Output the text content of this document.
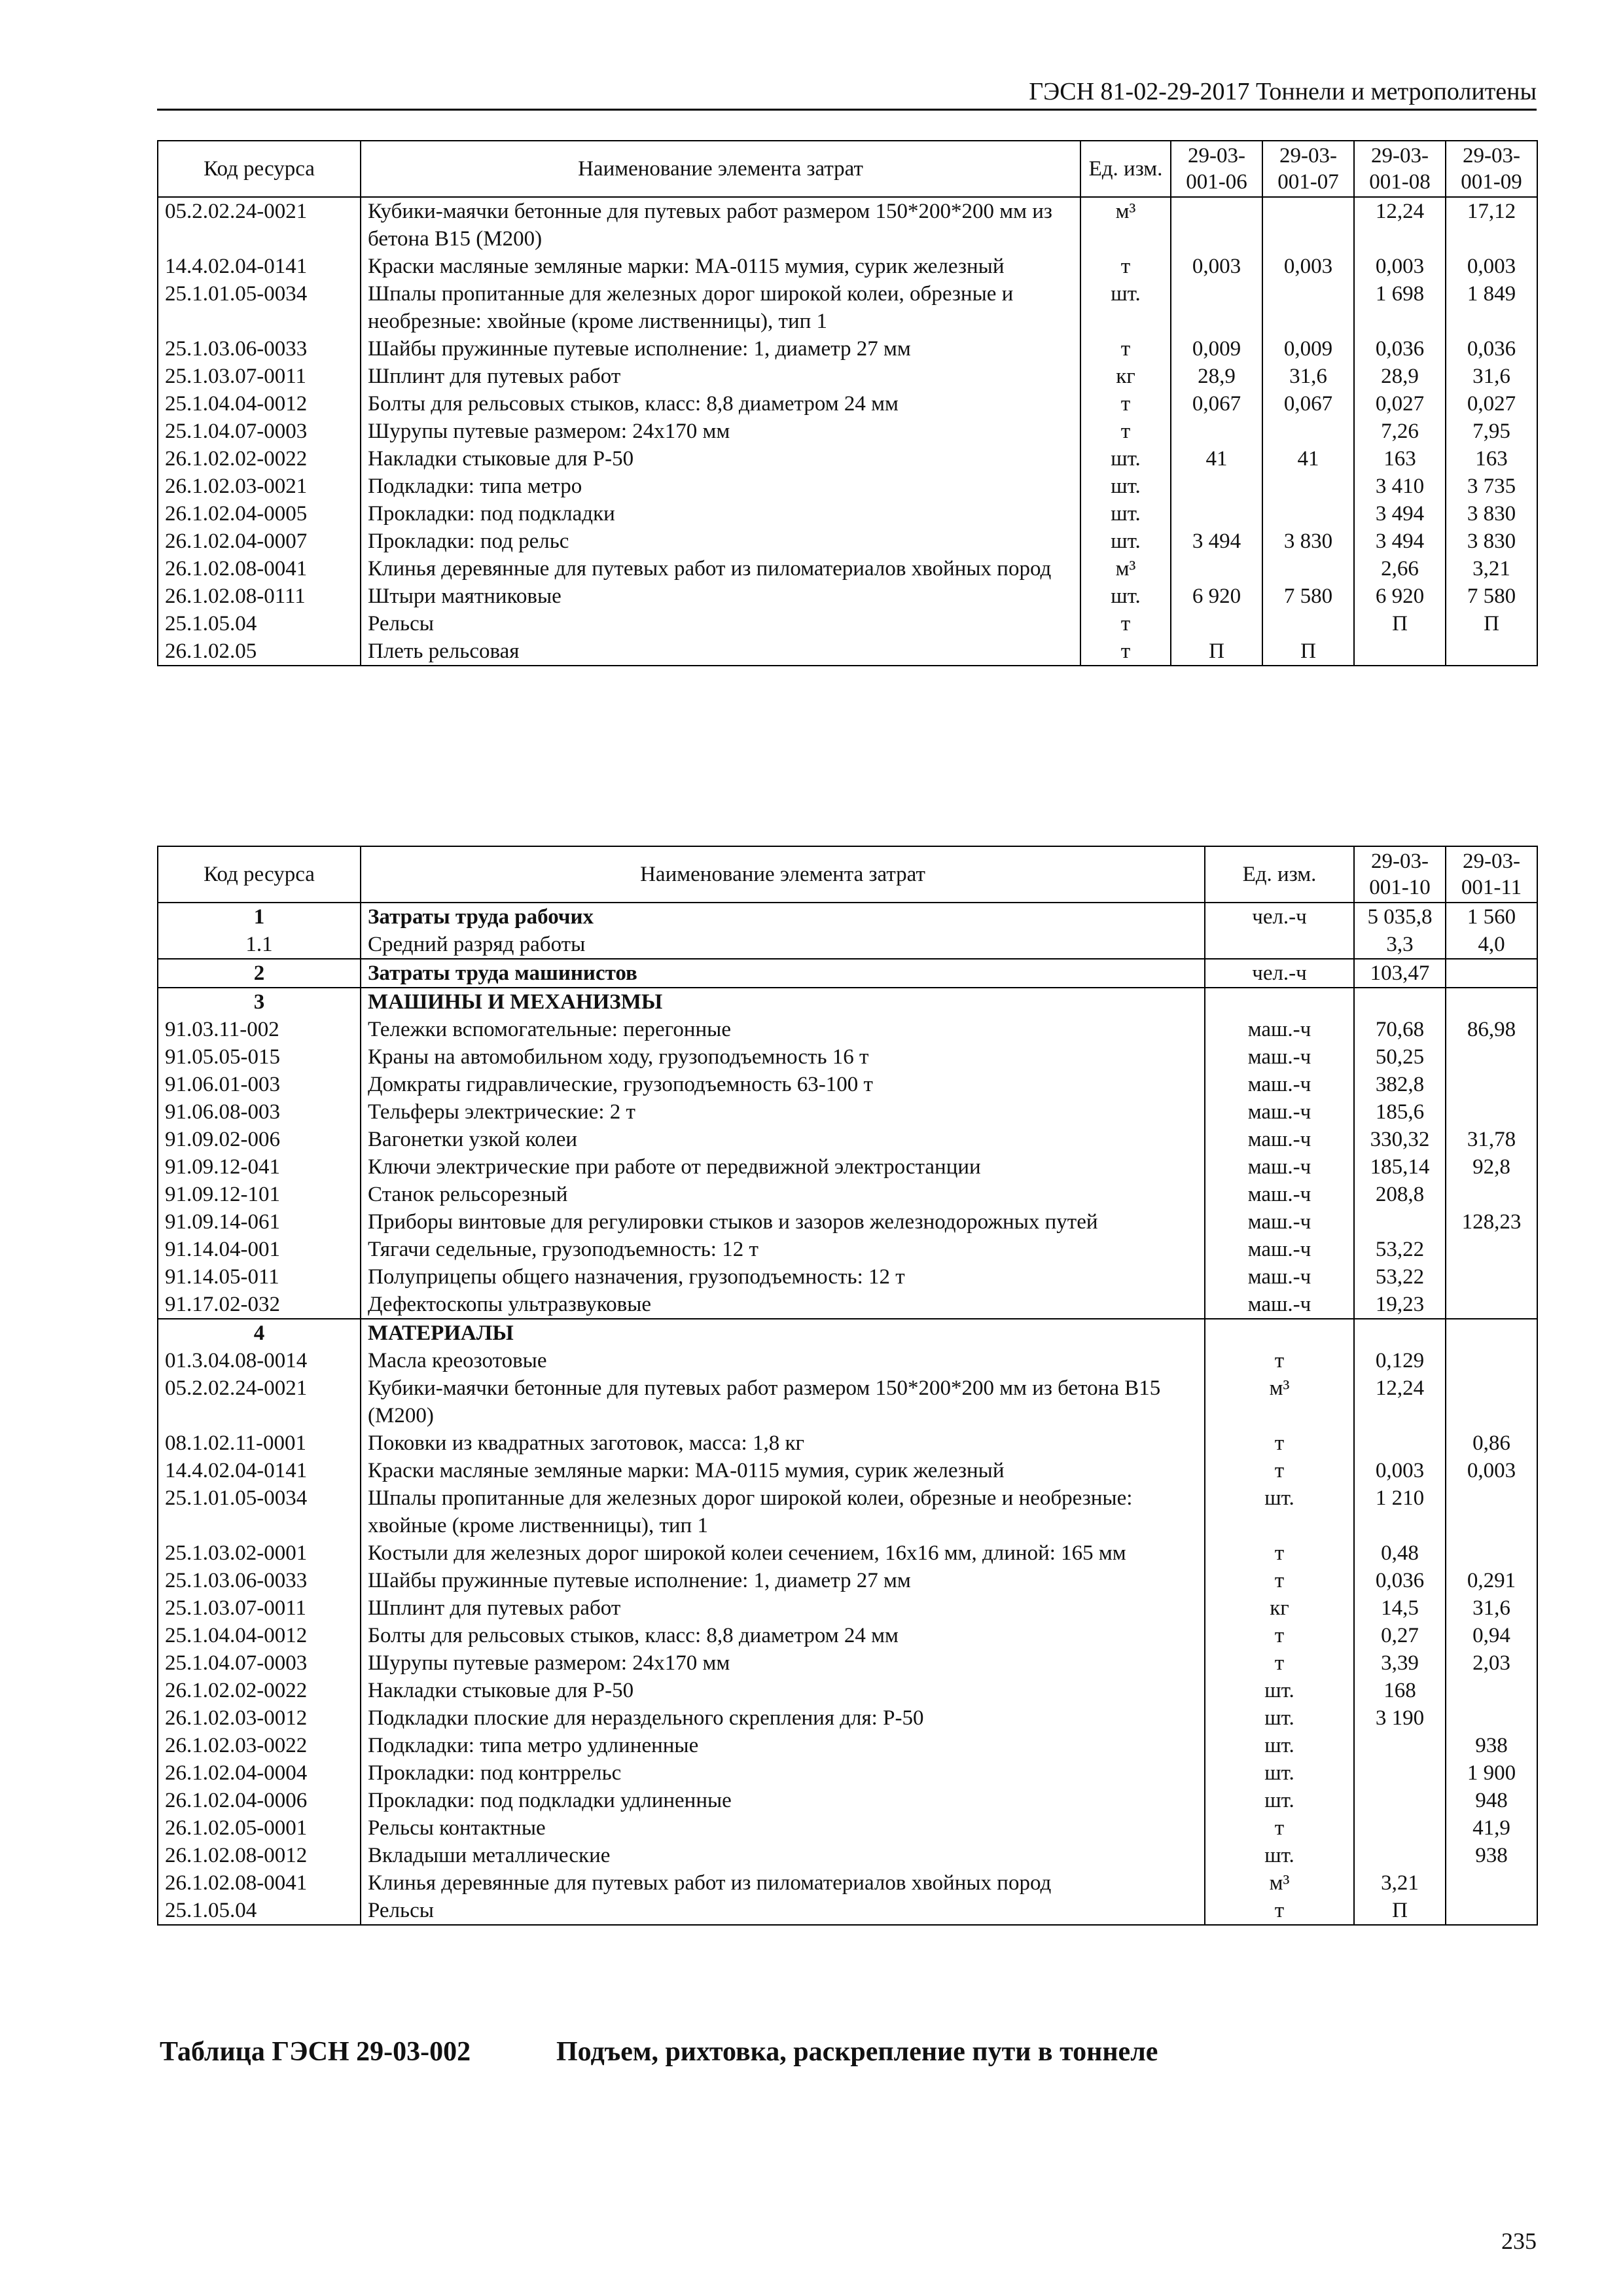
ГЭСН 81-02-29-2017 Тоннели и метрополитены
Код ресурса	Наименование элемента затрат	Ед. изм.	29-03-001-06	29-03-001-07	29-03-001-08	29-03-001-09
05.2.02.24-0021	Кубики-маячки бетонные для путевых работ размером 150*200*200 мм из бетона В15 (М200)	м³			12,24	17,12
14.4.02.04-0141	Краски масляные земляные марки: МА-0115 мумия, сурик железный	т	0,003	0,003	0,003	0,003
25.1.01.05-0034	Шпалы пропитанные для железных дорог широкой колеи, обрезные и необрезные: хвойные (кроме лиственницы), тип 1	шт.			1 698	1 849
25.1.03.06-0033	Шайбы пружинные путевые исполнение: 1, диаметр 27 мм	т	0,009	0,009	0,036	0,036
25.1.03.07-0011	Шплинт для путевых работ	кг	28,9	31,6	28,9	31,6
25.1.04.04-0012	Болты для рельсовых стыков, класс: 8,8 диаметром 24 мм	т	0,067	0,067	0,027	0,027
25.1.04.07-0003	Шурупы путевые размером: 24х170 мм	т			7,26	7,95
26.1.02.02-0022	Накладки стыковые для Р-50	шт.	41	41	163	163
26.1.02.03-0021	Подкладки: типа метро	шт.			3 410	3 735
26.1.02.04-0005	Прокладки: под подкладки	шт.			3 494	3 830
26.1.02.04-0007	Прокладки: под рельс	шт.	3 494	3 830	3 494	3 830
26.1.02.08-0041	Клинья деревянные для путевых работ из пиломатериалов хвойных пород	м³			2,66	3,21
26.1.02.08-0111	Штыри маятниковые	шт.	6 920	7 580	6 920	7 580
25.1.05.04	Рельсы	т			П	П
26.1.02.05	Плеть рельсовая	т	П	П		
Код ресурса	Наименование элемента затрат	Ед. изм.	29-03-001-10	29-03-001-11
1	Затраты труда рабочих	чел.-ч	5 035,8	1 560
1.1	Средний разряд работы		3,3	4,0
2	Затраты труда машинистов	чел.-ч	103,47	
3	МАШИНЫ И МЕХАНИЗМЫ			
91.03.11-002	Тележки вспомогательные: перегонные	маш.-ч	70,68	86,98
91.05.05-015	Краны на автомобильном ходу, грузоподъемность 16 т	маш.-ч	50,25	
91.06.01-003	Домкраты гидравлические, грузоподъемность 63-100 т	маш.-ч	382,8	
91.06.08-003	Тельферы электрические: 2 т	маш.-ч	185,6	
91.09.02-006	Вагонетки узкой колеи	маш.-ч	330,32	31,78
91.09.12-041	Ключи электрические при работе от передвижной электростанции	маш.-ч	185,14	92,8
91.09.12-101	Станок рельсорезный	маш.-ч	208,8	
91.09.14-061	Приборы винтовые для регулировки стыков и зазоров железнодорожных путей	маш.-ч		128,23
91.14.04-001	Тягачи седельные, грузоподъемность: 12 т	маш.-ч	53,22	
91.14.05-011	Полуприцепы общего назначения, грузоподъемность: 12 т	маш.-ч	53,22	
91.17.02-032	Дефектоскопы ультразвуковые	маш.-ч	19,23	
4	МАТЕРИАЛЫ			
01.3.04.08-0014	Масла креозотовые	т	0,129	
05.2.02.24-0021	Кубики-маячки бетонные для путевых работ размером 150*200*200 мм из бетона В15 (М200)	м³	12,24	
08.1.02.11-0001	Поковки из квадратных заготовок, масса: 1,8 кг	т		0,86
14.4.02.04-0141	Краски масляные земляные марки: МА-0115 мумия, сурик железный	т	0,003	0,003
25.1.01.05-0034	Шпалы пропитанные для железных дорог широкой колеи, обрезные и необрезные: хвойные (кроме лиственницы), тип 1	шт.	1 210	
25.1.03.02-0001	Костыли для железных дорог широкой колеи сечением, 16х16 мм, длиной: 165 мм	т	0,48	
25.1.03.06-0033	Шайбы пружинные путевые исполнение: 1, диаметр 27 мм	т	0,036	0,291
25.1.03.07-0011	Шплинт для путевых работ	кг	14,5	31,6
25.1.04.04-0012	Болты для рельсовых стыков, класс: 8,8 диаметром 24 мм	т	0,27	0,94
25.1.04.07-0003	Шурупы путевые размером: 24х170 мм	т	3,39	2,03
26.1.02.02-0022	Накладки стыковые для Р-50	шт.	168	
26.1.02.03-0012	Подкладки плоские для нераздельного скрепления для: Р-50	шт.	3 190	
26.1.02.03-0022	Подкладки: типа метро удлиненные	шт.		938
26.1.02.04-0004	Прокладки: под контррельс	шт.		1 900
26.1.02.04-0006	Прокладки: под подкладки удлиненные	шт.		948
26.1.02.05-0001	Рельсы контактные	т		41,9
26.1.02.08-0012	Вкладыши металлические	шт.		938
26.1.02.08-0041	Клинья деревянные для путевых работ из пиломатериалов хвойных пород	м³	3,21	
25.1.05.04	Рельсы	т	П	
Таблица ГЭСН 29-03-002	Подъем, рихтовка, раскрепление пути в тоннеле
235
